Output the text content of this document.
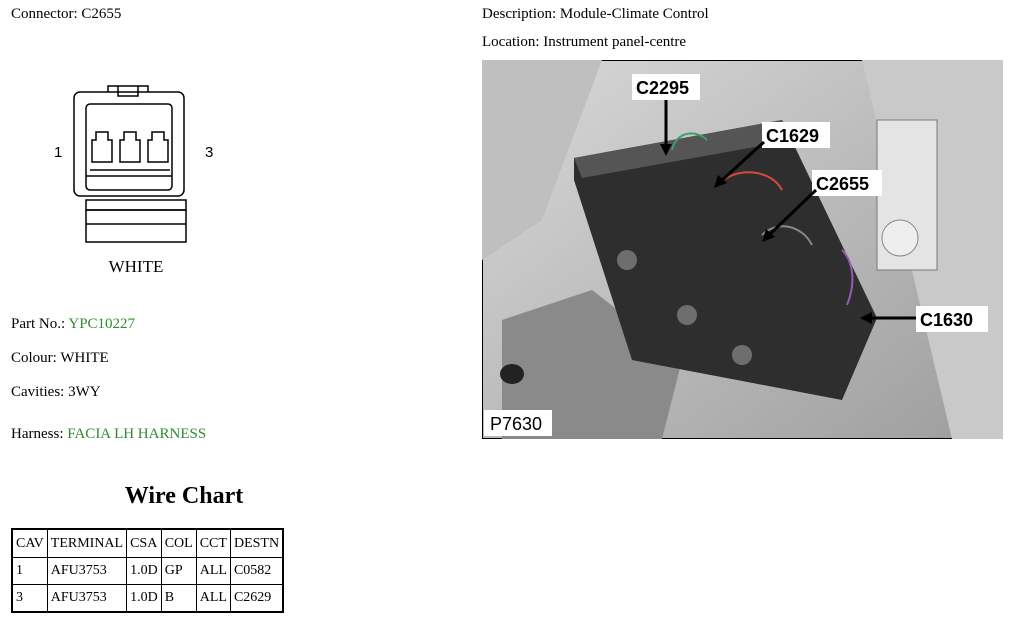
Connector: C2655	Description: Module-Climate Control
Location: Instrument panel-centre
1	3
WHITE
C2295
C1629
C2655
C1630
P7630
Part No.: YPC10227
Colour: WHITE
Cavities: 3WY
Harness: FACIA LH HARNESS
Wire Chart
CAV	TERMINAL	CSA	COL	CCT	DESTN
1	AFU3753	1.0D	GP	ALL	C0582
3	AFU3753	1.0D	B	ALL	C2629
